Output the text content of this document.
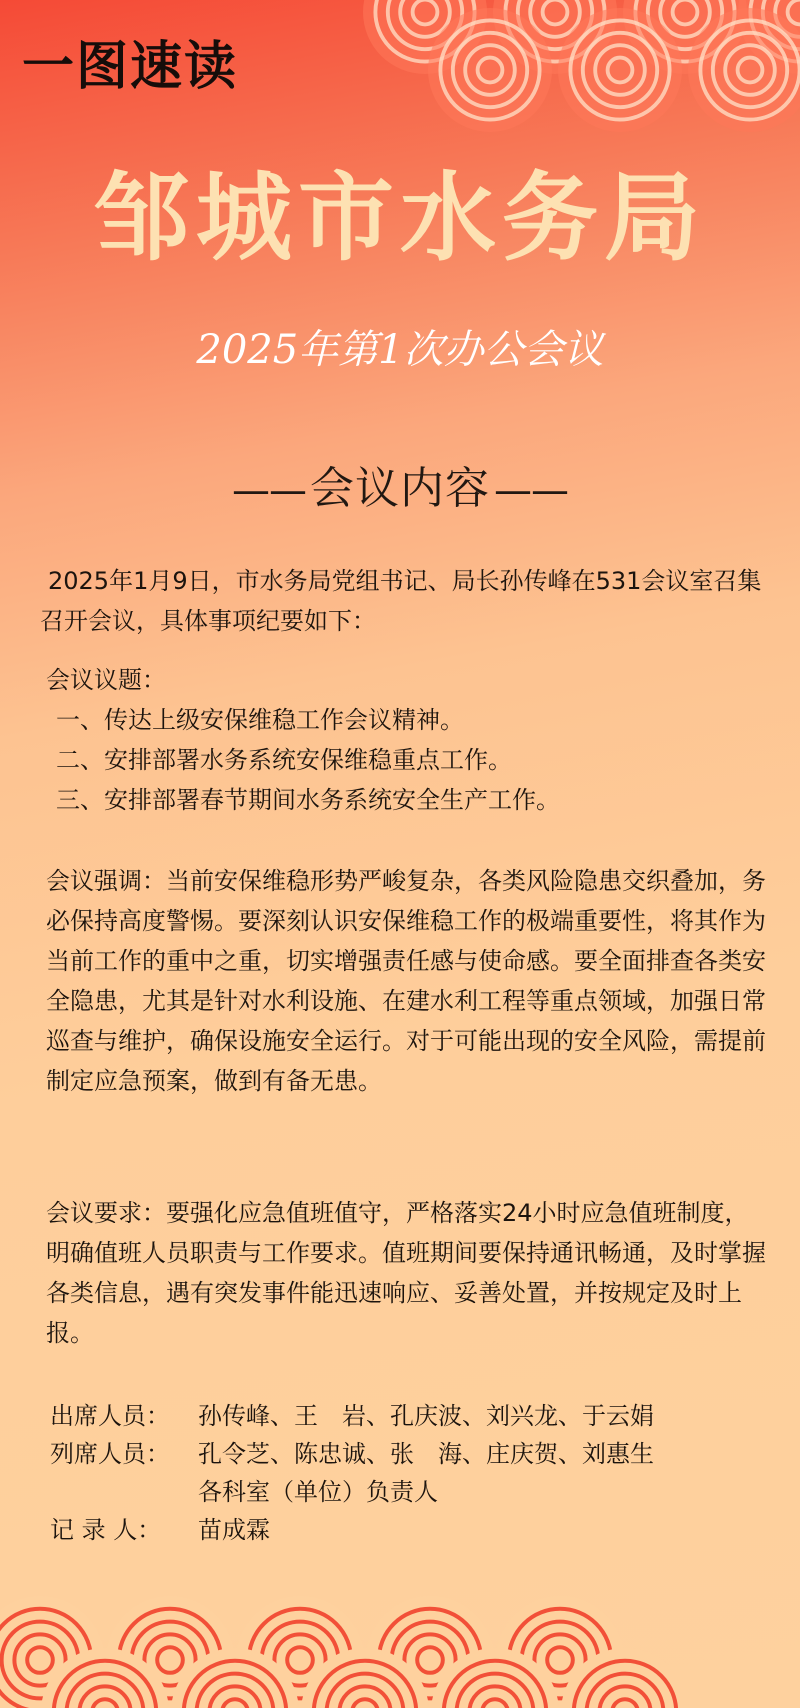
一图速读
邹城市水务局
2025年第1次办公会议
——会议内容 ——
2025年1月9日，市水务局党组书记、局长孙传峰在531会议室召集召开会议，具体事项纪要如下：
会议议题：
一、传达上级安保维稳工作会议精神。
二、安排部署水务系统安保维稳重点工作。
三、安排部署春节期间水务系统安全生产工作。
会议强调：当前安保维稳形势严峻复杂，各类风险隐患交织叠加，务必保持高度警惕。要深刻认识安保维稳工作的极端重要性，将其作为当前工作的重中之重，切实增强责任感与使命感。要全面排查各类安全隐患，尤其是针对水利设施、在建水利工程等重点领域，加强日常巡查与维护，确保设施安全运行。对于可能出现的安全风险，需提前制定应急预案，做到有备无患。
会议要求：要强化应急值班值守，严格落实24小时应急值班制度，明确值班人员职责与工作要求。值班期间要保持通讯畅通，及时掌握各类信息，遇有突发事件能迅速响应、妥善处置，并按规定及时上报。
出席人员：	孙传峰、王　岩、孔庆波、刘兴龙、于云娟
列席人员：	孔令芝、陈忠诚、张　海、庄庆贺、刘惠生
各科室（单位）负责人
记 录 人：	苗成霖
